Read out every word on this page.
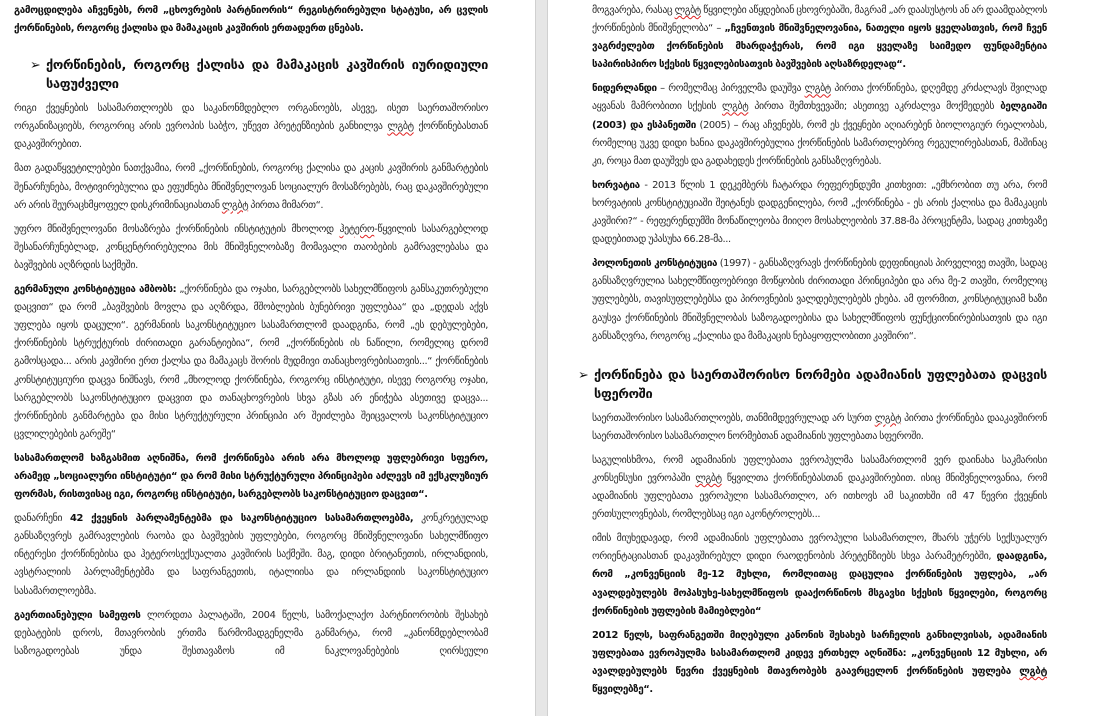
გამოცდილება აჩვენებს, რომ „ცხოვრების პარტნიორის“ რეგისტრირებული სტატუსი, არ ცვლის ქორწინების, როგორც ქალისა და მამაკაცის კავშირის ერთადერთ ცნებას.
➢ ქორწინების, როგორც ქალისა და მამაკაცის კავშირის იურიდიული საფუძველი
რიგი ქვეყნების სასამართლოებს და საკანონმდებლო ორგანოებს, ასევე, ისეთ საერთაშორისო ორგანიზაციებს, როგორიც არის ევროპის საბჭო, უწევთ პრეტენზიების განხილვა ლგბტ ქორწინებასთან დაკავშირებით.
მათ გადაწყვეტილებები ნათქვამია, რომ „ქორწინების, როგორც ქალისა და კაცის კავშირის განმარტების შენარჩუნება, მოტივირებულია და ეფუძნება მნიშვნელოვან სოციალურ მოსაზრებებს, რაც დაკავშირებული არ არის შეურაცხმყოფელ დისკრიმინაციასთან ლგბტ პირთა მიმართ“.
უფრო მნიშვნელოვანი მოსაზრება ქორწინების ინსტიტუტის მხოლოდ ჰეტერო-წყვილის სასარგებლოდ შესანარჩუნებლად, კონცენტრირებულია მის მნიშვნელობაზე მომავალი თაობების გამრავლებასა და ბავშვების აღზრდის საქმეში.
გერმანული კონსტიტუცია ამბობს: „ქორწინება და ოჯახი, სარგებლობს სახელმწიფოს განსაკუთრებული დაცვით“ და რომ „ბავშვების მოვლა და აღზრდა, მშობლების ბუნებრივი უფლებაა“ და „დედას აქვს უფლება იყოს დაცული“. გერმანიის საკონსტიტუციო სასამართლომ დაადგინა, რომ „ეს დებულებები, ქორწინების სტრუქტურის ძირითადი გარანტიებია“, რომ „ქორწინების ის ნაწილი, რომელიც დრომ გამოსცადა... არის კავშირი ერთ ქალსა და მამაკაცს შორის მუდმივი თანაცხოვრებისათვის...“ ქორწინების კონსტიტუციური დაცვა ნიშნავს, რომ „მხოლოდ ქორწინება, როგორც ინსტიტუტი, ისევე როგორც ოჯახი, სარგებლობს საკონსტიტუციო დაცვით და თანაცხოვრების სხვა გზას არ ენიჭება ასეთივე დაცვა... ქორწინების განმარტება და მისი სტრუქტურული პრინციპი არ შეიძლება შეიცვალოს საკონსტიტუციო ცვლილებების გარეშე“
სასამართლომ ხაზგასმით აღნიშნა, რომ ქორწინება არის არა მხოლოდ უფლებრივი სფერო, არამედ „სოციალური ინსტიტუტი“ და რომ მისი სტრუქტურული პრინციპები აძლევს იმ ექსკლუზიურ ფორმას, რისთვისაც იგი, როგორც ინსტიტუტი, სარგებლობს საკონსტიტუციო დაცვით“.
დანარჩენი 42 ქვეყნის პარლამენტებმა და საკონსტიტუციო სასამართლოებმა, კონკრეტულად განსაზღვრეს გამრავლების რაობა და ბავშვების უფლებები, როგორც მნიშვნელოვანი სახელმწიფო ინტერესი ქორწინებისა და ჰეტეროსექსუალთა კავშირის საქმეში. მაგ, დიდი ბრიტანეთის, ირლანდიის, ავსტრალიის პარლამენტებმა და საფრანგეთის, იტალიისა და ირლანდიის საკონსტიტუციო სასამართლოებმა.
გაერთიანებული სამეფოს ლორდთა პალატაში, 2004 წელს, სამოქალაქო პარტნიორობის შესახებ დებატების დროს, მთავრობის ერთმა წარმომადგენელმა განმარტა, რომ „კანონმდებლობამ საზოგადოებას უნდა შესთავაზოს იმ ნაკლოვანებების ღირსეული
მოგვარება, რასაც ლგბტ წყვილები აწყდებიან ცხოვრებაში, მაგრამ „არ დაასუსტოს ან არ დაამდაბლოს ქორწინების მნიშვნელობა“ – „ჩვენთვის მნიშვნელოვანია, ნათელი იყოს ყველასთვის, რომ ჩვენ ვაგრძელებთ ქორწინების მხარდაჭერას, რომ იგი ყველაზე საიმედო ფუნდამენტია საპირისპირო სქესის წყვილებისათვის ბავშვების აღსაზრდელად“.
ნიდერლანდი – რომელმაც პირველმა დაუშვა ლგბტ პირთა ქორწინება, დღემდე კრძალავს შვილად აყვანას მამრობითი სქესის ლგბტ პირთა შემთხვევაში; ასეთივე აკრძალვა მოქმედებს ბელგიაში (2003) და ესპანეთში (2005) – რაც აჩვენებს, რომ ეს ქვეყნები აღიარებენ ბიოლოგიურ რეალობას, რომელიც უკვე დიდი ხანია დაკავშირებულია ქორწინების სამართლებრივ რეგულირებასთან, მაშინაც კი, როცა მათ დაუშვეს და გადახედეს ქორწინების განსაზღვრებას.
ხორვატია - 2013 წლის 1 დეკემბერს ჩატარდა რეფერენდუმი კითხვით: „ემხრობით თუ არა, რომ ხორვატიის კონსტიტუციაში შეიტანეს დადგენილება, რომ „ქორწინება - ეს არის ქალისა და მამაკაცის კავშირი?“ - რეფერენდუმში მონაწილეობა მიიღო მოსახლეობის 37.88-მა პროცენტმა, სადაც კითხვაზე დადებითად უპასუხა 66.28-მა...
პოლონეთის კონსტიტუცია (1997) - განსაზღვრავს ქორწინების დეფინიციას პირველივე თავში, სადაც განსაზღვრულია სახელმწიფოებრივი მოწყობის ძირითადი პრინციპები და არა მე-2 თავში, რომელიც უფლებებს, თავისუფლებებსა და პიროვნების ვალდებულებებს ეხება. ამ ფორმით, კონსტიტუციამ ხაზი გაუსვა ქორწინების მნიშვნელობას საზოგადოებისა და სახელმწიფოს ფუნქციონირებისათვის და იგი განსაზღვრა, როგორც „ქალისა და მამაკაცის ნებაყოფლობითი კავშირი“.
➢ ქორწინება და საერთაშორისო ნორმები ადამიანის უფლებათა დაცვის სფეროში
საერთაშორისო სასამართლოებს, თანმიმდევრულად არ სურთ ლგბტ პირთა ქორწინება დააკავშირონ საერთაშორისო სასამართლო ნორმებთან ადამიანის უფლებათა სფეროში.
საგულისხმოა, რომ ადამიანის უფლებათა ევროპულმა სასამართლომ ვერ დაინახა საკმარისი კონსენსუსი ევროპაში ლგბტ წყვილთა ქორწინებასთან დაკავშირებით. ისიც მნიშვნელოვანია, რომ ადამიანის უფლებათა ევროპული სასამართლო, არ ითხოვს ამ საკითხში იმ 47 წევრი ქვეყნის ერთსულოვნებას, რომლებსაც იგი აკონტროლებს...
იმის მიუხედავად, რომ ადამიანის უფლებათა ევროპული სასამართლო, მხარს უჭერს სექსუალურ ორიენტაციასთან დაკავშირებულ დიდი რაოდენობის პრეტენზიებს სხვა პარამეტრებში, დაადგინა, რომ „კონვენციის მე-12 მუხლი, რომლითაც დაცულია ქორწინების უფლება, „არ ავალდებულებს მოპასუხე-სახელმწიფოს დააქორწინოს მსგავსი სქესის წყვილები, როგორც ქორწინების უფლების მამიებლები“
2012 წელს, საფრანგეთში მიღებული კანონის შესახებ სარჩელის განხილვისას, ადამიანის უფლებათა ევროპულმა სასამართლომ კიდევ ერთხელ აღნიშნა: „კონვენციის 12 მუხლი, არ ავალდებულებს წევრი ქვეყნების მთავრობებს გაავრცელონ ქორწინების უფლება ლგბტ წყვილებზე“.
